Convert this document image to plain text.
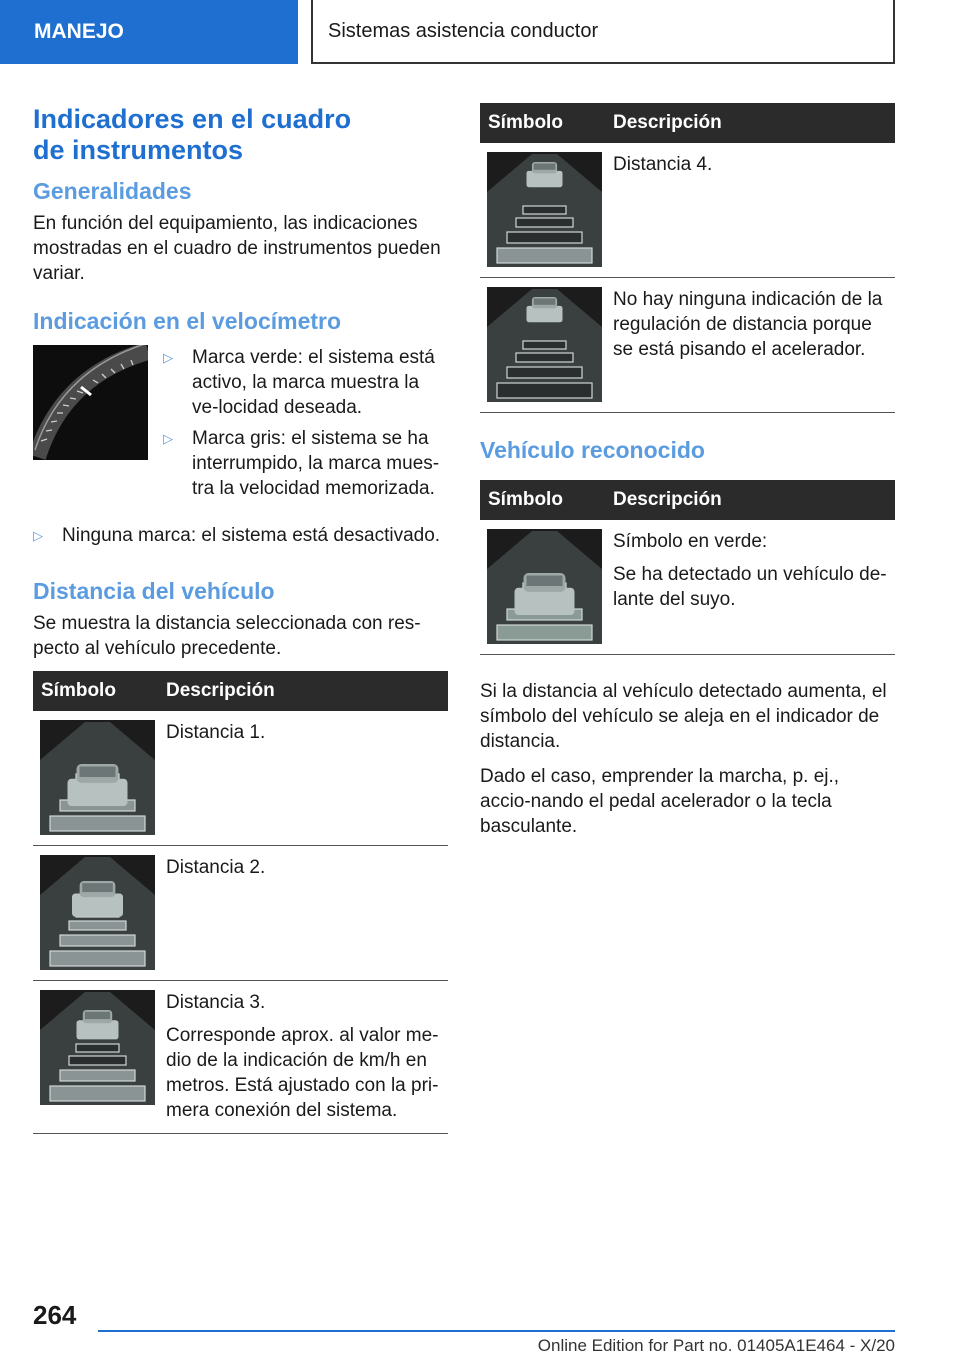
MANEJO	Sistemas asistencia conductor
Indicadores en el cuadro de instrumentos
Generalidades

En función del equipamiento, las indicaciones mostradas en el cuadro de instrumentos pueden variar.

Indicación en el velocímetro
▷ Marca verde: el sistema está activo, la marca muestra la ve-locidad deseada.
▷ Marca gris: el sistema se ha interrumpido, la marca mues-tra la velocidad memorizada.
▷ Ninguna marca: el sistema está desactivado.
Distancia del vehículo

Se muestra la distancia seleccionada con res-pecto al vehículo precedente.

Símbolo	Descripción

Distancia 1.

Distancia 2.

Distancia 3.
Corresponde aprox. al valor me-dio de la indicación de km/h en metros. Está ajustado con la pri-mera conexión del sistema.
Símbolo	Descripción

Distancia 4.

No hay ninguna indicación de la regulación de distancia porque se está pisando el acelerador.
Vehículo reconocido
Símbolo	Descripción

Símbolo en verde:
Se ha detectado un vehículo de-lante del suyo.

Si la distancia al vehículo detectado aumenta, el símbolo del vehículo se aleja en el indicador de distancia.

Dado el caso, emprender la marcha, p. ej., accio-nando el pedal acelerador o la tecla basculante.

264
Online Edition for Part no. 01405A1E464 - X/20
